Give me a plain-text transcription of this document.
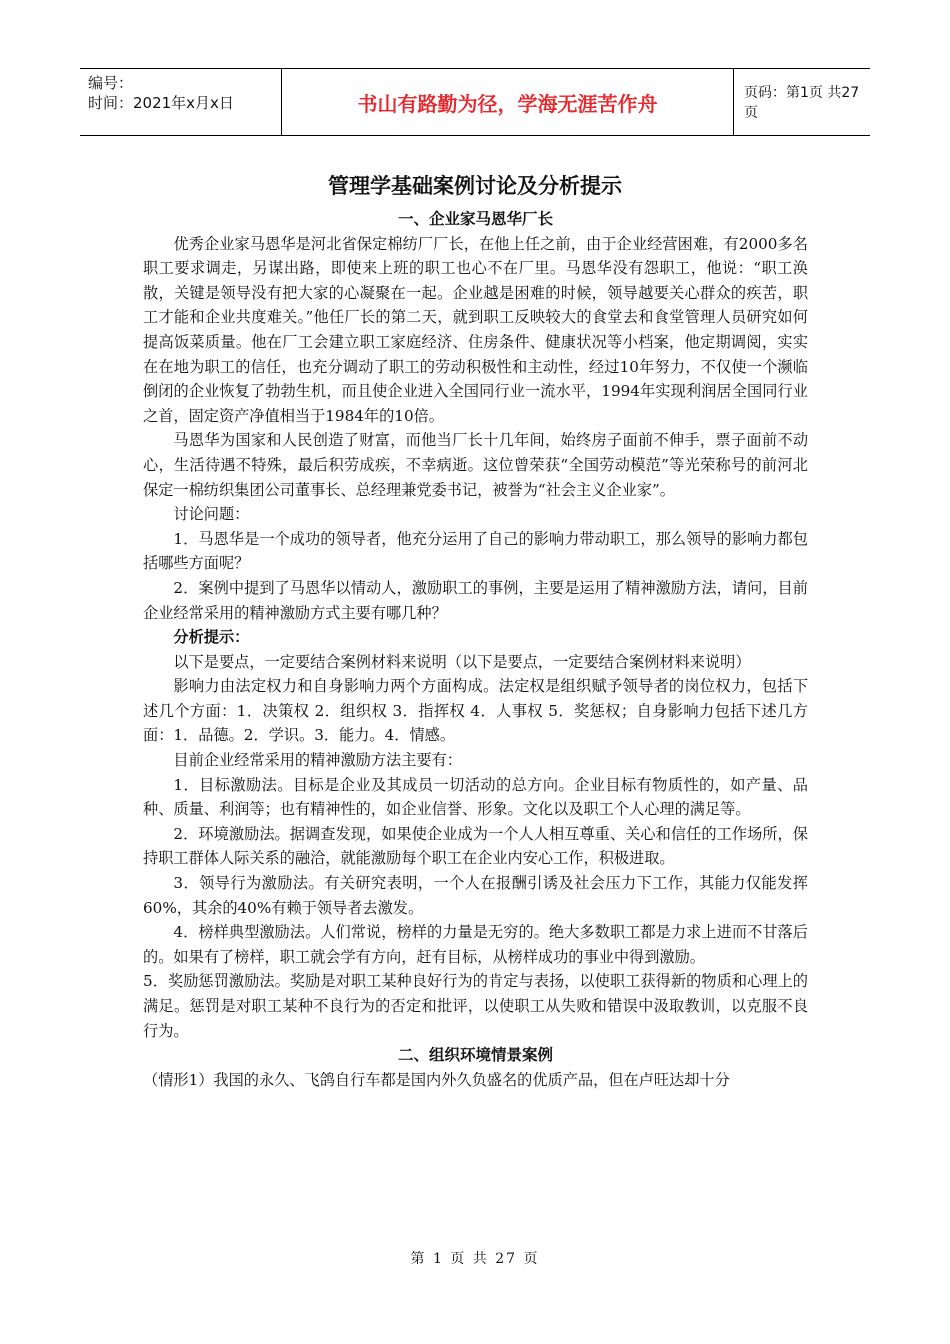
编号：
时间：2021年x月x日	书山有路勤为径，学海无涯苦作舟	页码：第1页 共27页
管理学基础案例讨论及分析提示

一、企业家马恩华厂长

优秀企业家马恩华是河北省保定棉纺厂厂长，在他上任之前，由于企业经营困难，有2000多名职工要求调走，另谋出路，即使来上班的职工也心不在厂里。马恩华没有怨职工，他说：“职工涣散，关键是领导没有把大家的心凝聚在一起。企业越是困难的时候，领导越要关心群众的疾苦，职工才能和企业共度难关。”他任厂长的第二天，就到职工反映较大的食堂去和食堂管理人员研究如何提高饭菜质量。他在厂工会建立职工家庭经济、住房条件、健康状况等小档案，他定期调阅，实实在在地为职工的信任，也充分调动了职工的劳动积极性和主动性，经过10年努力，不仅使一个濒临倒闭的企业恢复了勃勃生机，而且使企业进入全国同行业一流水平，1994年实现利润居全国同行业之首，固定资产净值相当于1984年的10倍。

马恩华为国家和人民创造了财富，而他当厂长十几年间，始终房子面前不伸手，票子面前不动心，生活待遇不特殊，最后积劳成疾，不幸病逝。这位曾荣获“全国劳动模范”等光荣称号的前河北保定一棉纺织集团公司董事长、总经理兼党委书记，被誉为“社会主义企业家”。

讨论问题：

1．马恩华是一个成功的领导者，他充分运用了自己的影响力带动职工，那么领导的影响力都包括哪些方面呢？

2．案例中提到了马恩华以情动人，激励职工的事例，主要是运用了精神激励方法，请问，目前企业经常采用的精神激励方式主要有哪几种？

分析提示：

以下是要点，一定要结合案例材料来说明（以下是要点，一定要结合案例材料来说明）

影响力由法定权力和自身影响力两个方面构成。法定权是组织赋予领导者的岗位权力，包括下述几个方面：1．决策权 2．组织权 3．指挥权 4．人事权 5．奖惩权；自身影响力包括下述几方面：1．品德。2．学识。3．能力。4．情感。

目前企业经常采用的精神激励方法主要有：

1．目标激励法。目标是企业及其成员一切活动的总方向。企业目标有物质性的，如产量、品种、质量、利润等；也有精神性的，如企业信誉、形象。文化以及职工个人心理的满足等。

2．环境激励法。据调查发现，如果使企业成为一个人人相互尊重、关心和信任的工作场所，保持职工群体人际关系的融洽，就能激励每个职工在企业内安心工作，积极进取。

3．领导行为激励法。有关研究表明，一个人在报酬引诱及社会压力下工作，其能力仅能发挥60%，其余的40%有赖于领导者去激发。

4．榜样典型激励法。人们常说，榜样的力量是无穷的。绝大多数职工都是力求上进而不甘落后的。如果有了榜样，职工就会学有方向，赶有目标，从榜样成功的事业中得到激励。

5．奖励惩罚激励法。奖励是对职工某种良好行为的肯定与表扬，以使职工获得新的物质和心理上的满足。惩罚是对职工某种不良行为的否定和批评，以使职工从失败和错误中汲取教训，以克服不良行为。

二、组织环境情景案例

（情形1）我国的永久、飞鸽自行车都是国内外久负盛名的优质产品，但在卢旺达却十分

第 1 页 共 27 页
